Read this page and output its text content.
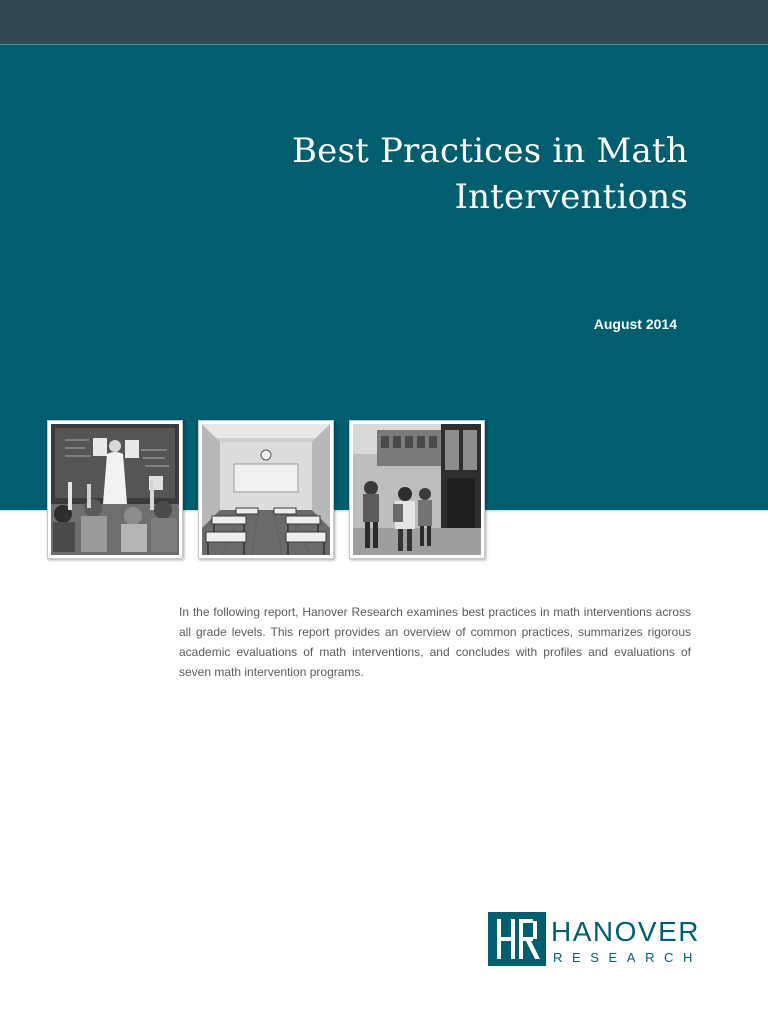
Best Practices in Math
Interventions
August 2014

In the following report, Hanover Research examines best practices in math interventions across all grade levels. This report provides an overview of common practices, summarizes rigorous academic evaluations of math interventions, and concludes with profiles and evaluations of seven math intervention programs.

HANOVER
RESEARCH
